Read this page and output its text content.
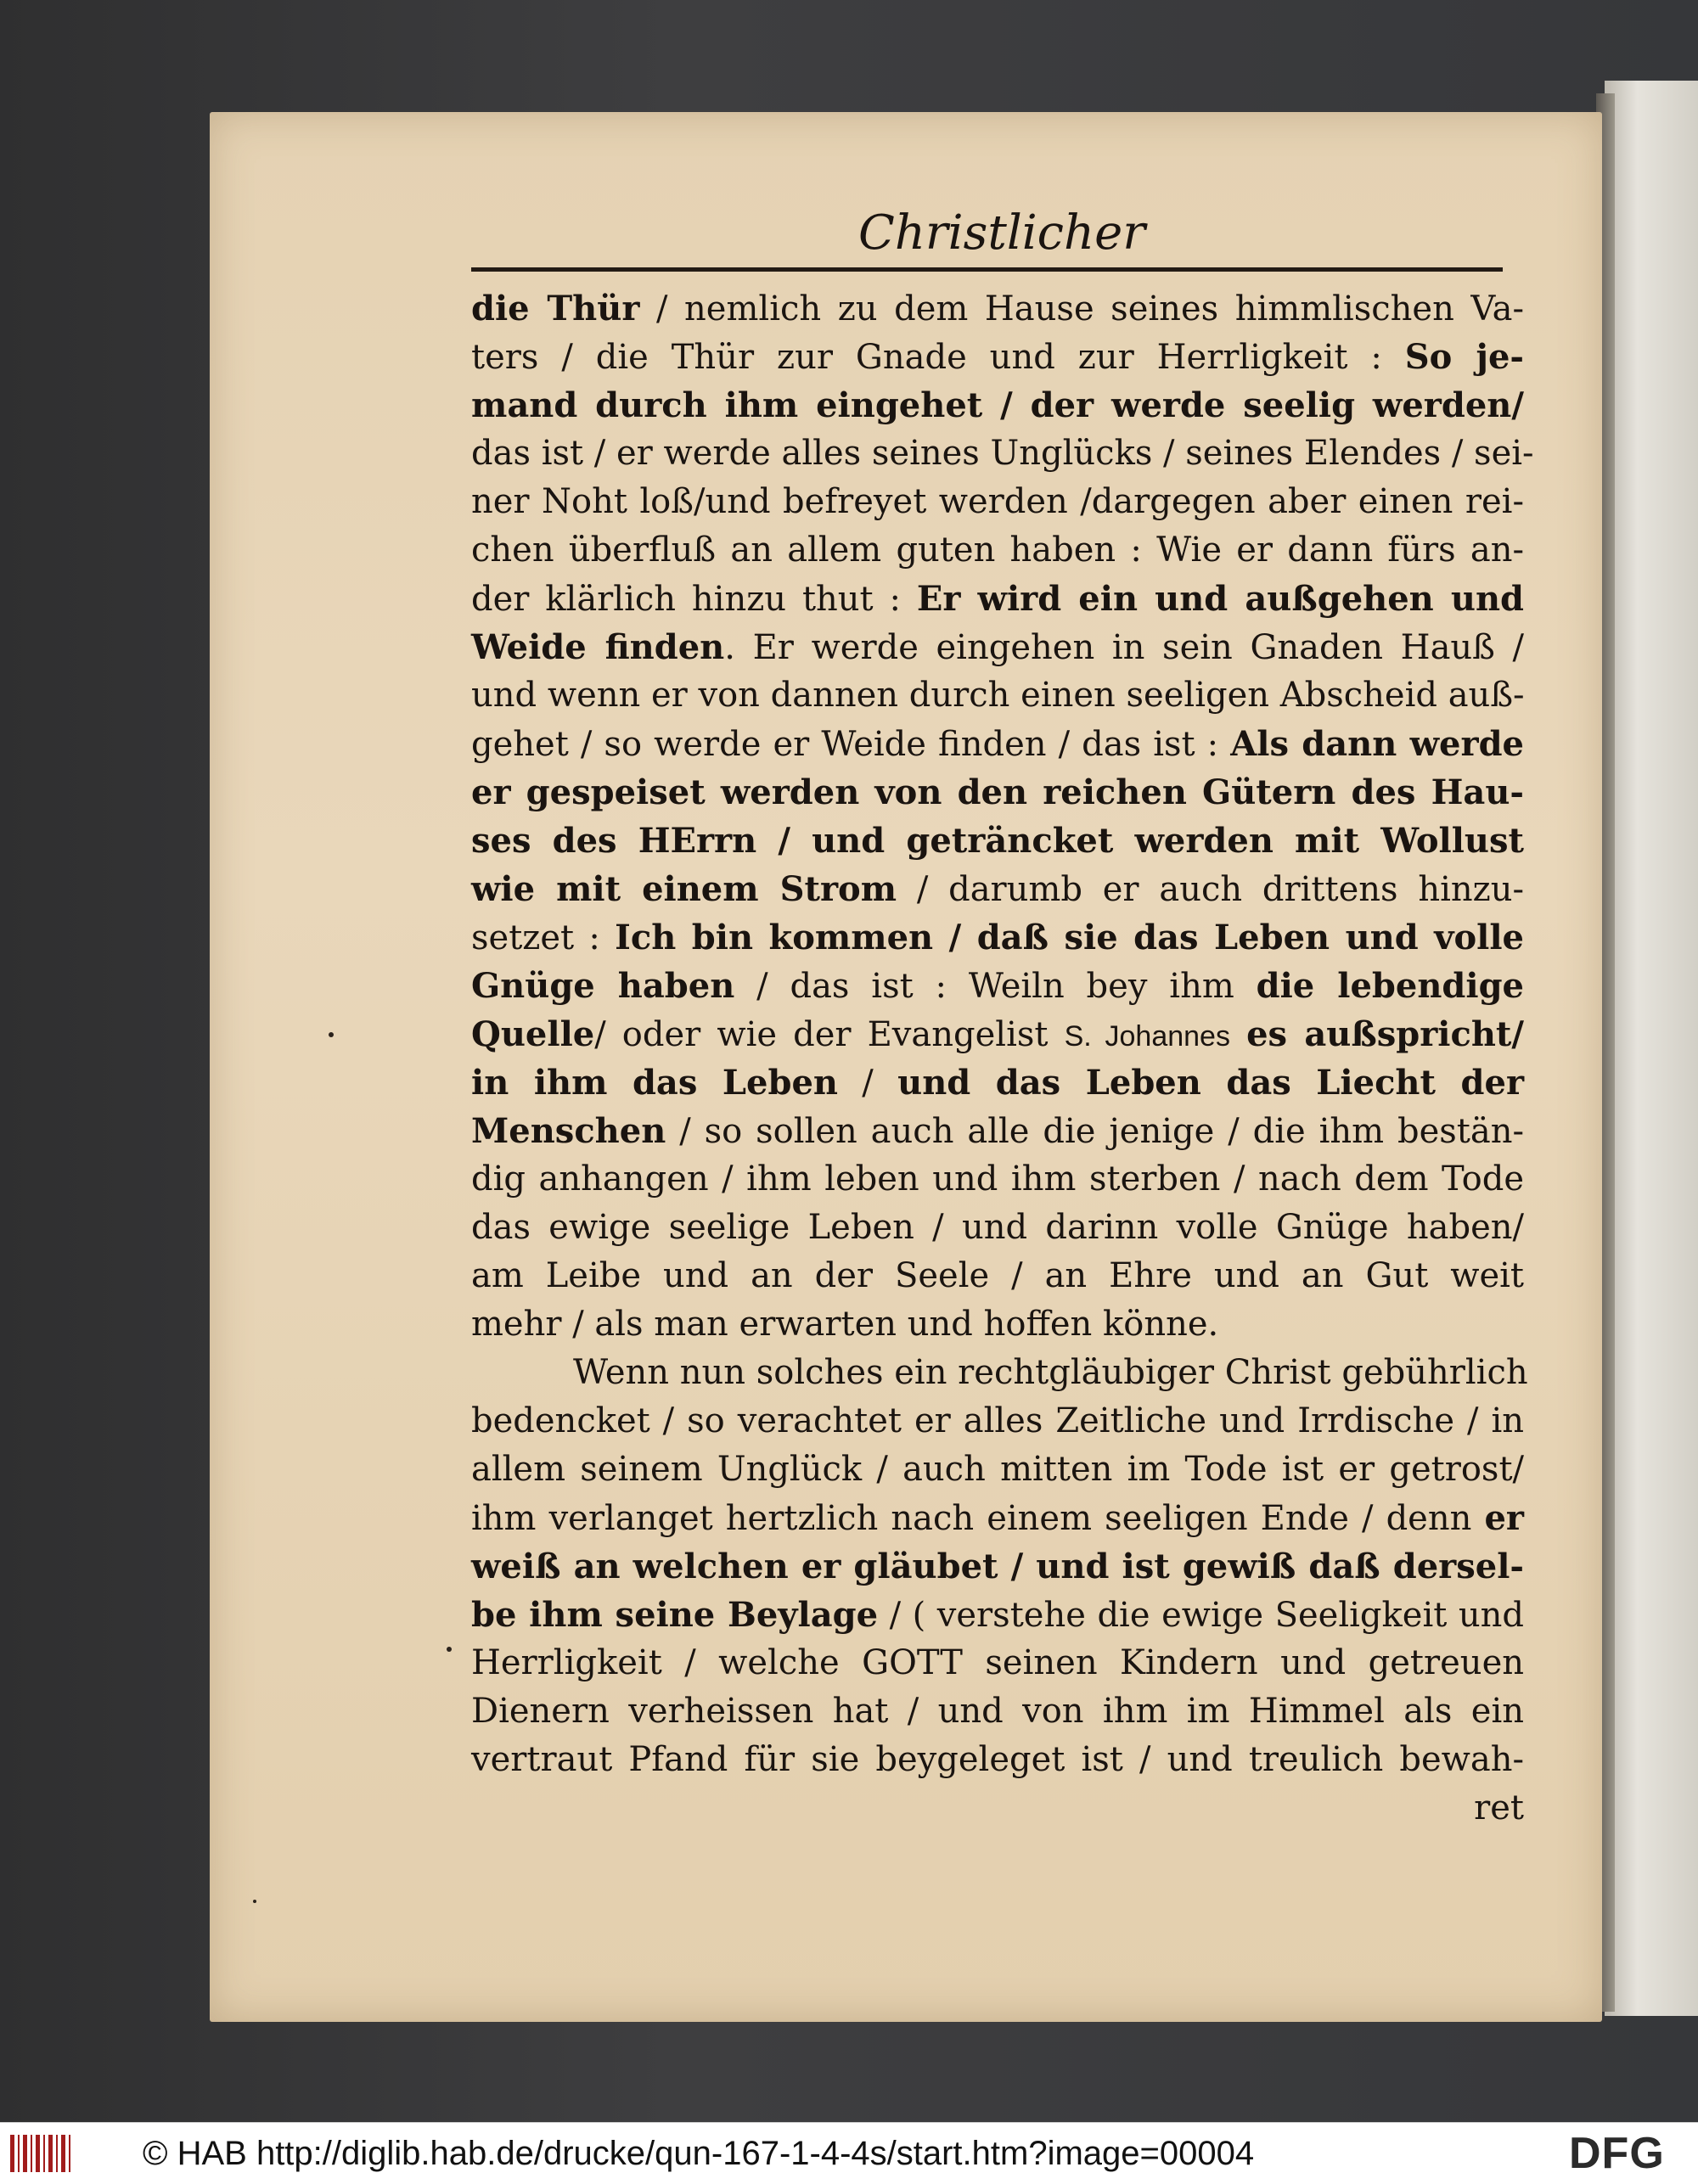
Christlicher
die Thür / nemlich zu dem Hause seines himmlischen Va-
ters / die Thür zur Gnade und zur Herrligkeit : So je-
mand durch ihm eingehet / der werde seelig werden/
das ist / er werde alles seines Unglücks / seines Elendes / sei-
ner Noht loß/und befreyet werden /dargegen aber einen rei-
chen überfluß an allem guten haben : Wie er dann fürs an-
der klärlich hinzu thut : Er wird ein und außgehen und
Weide finden. Er werde eingehen in sein Gnaden Hauß /
und wenn er von dannen durch einen seeligen Abscheid auß-
gehet / so werde er Weide finden / das ist : Als dann werde
er gespeiset werden von den reichen Gütern des Hau-
ses des HErrn / und geträncket werden mit Wollust
wie mit einem Strom / darumb er auch drittens hinzu-
setzet : Ich bin kommen / daß sie das Leben und volle
Gnüge haben / das ist : Weiln bey ihm die lebendige
Quelle/ oder wie der Evangelist S. Johannes es außspricht/
in ihm das Leben / und das Leben das Liecht der
Menschen / so sollen auch alle die jenige / die ihm bestän-
dig anhangen / ihm leben und ihm sterben / nach dem Tode
das ewige seelige Leben / und darinn volle Gnüge haben/
am Leibe und an der Seele / an Ehre und an Gut weit
mehr / als man erwarten und hoffen könne.
Wenn nun solches ein rechtgläubiger Christ gebührlich
bedencket / so verachtet er alles Zeitliche und Irrdische / in
allem seinem Unglück / auch mitten im Tode ist er getrost/
ihm verlanget hertzlich nach einem seeligen Ende / denn er
weiß an welchen er gläubet / und ist gewiß daß dersel-
be ihm seine Beylage / ( verstehe die ewige Seeligkeit und
Herrligkeit / welche GOTT seinen Kindern und getreuen
Dienern verheissen hat / und von ihm im Himmel als ein
vertraut Pfand für sie beygeleget ist / und treulich bewah-
ret
© HAB http://diglib.hab.de/drucke/qun-167-1-4-4s/start.htm?image=00004	DFG
